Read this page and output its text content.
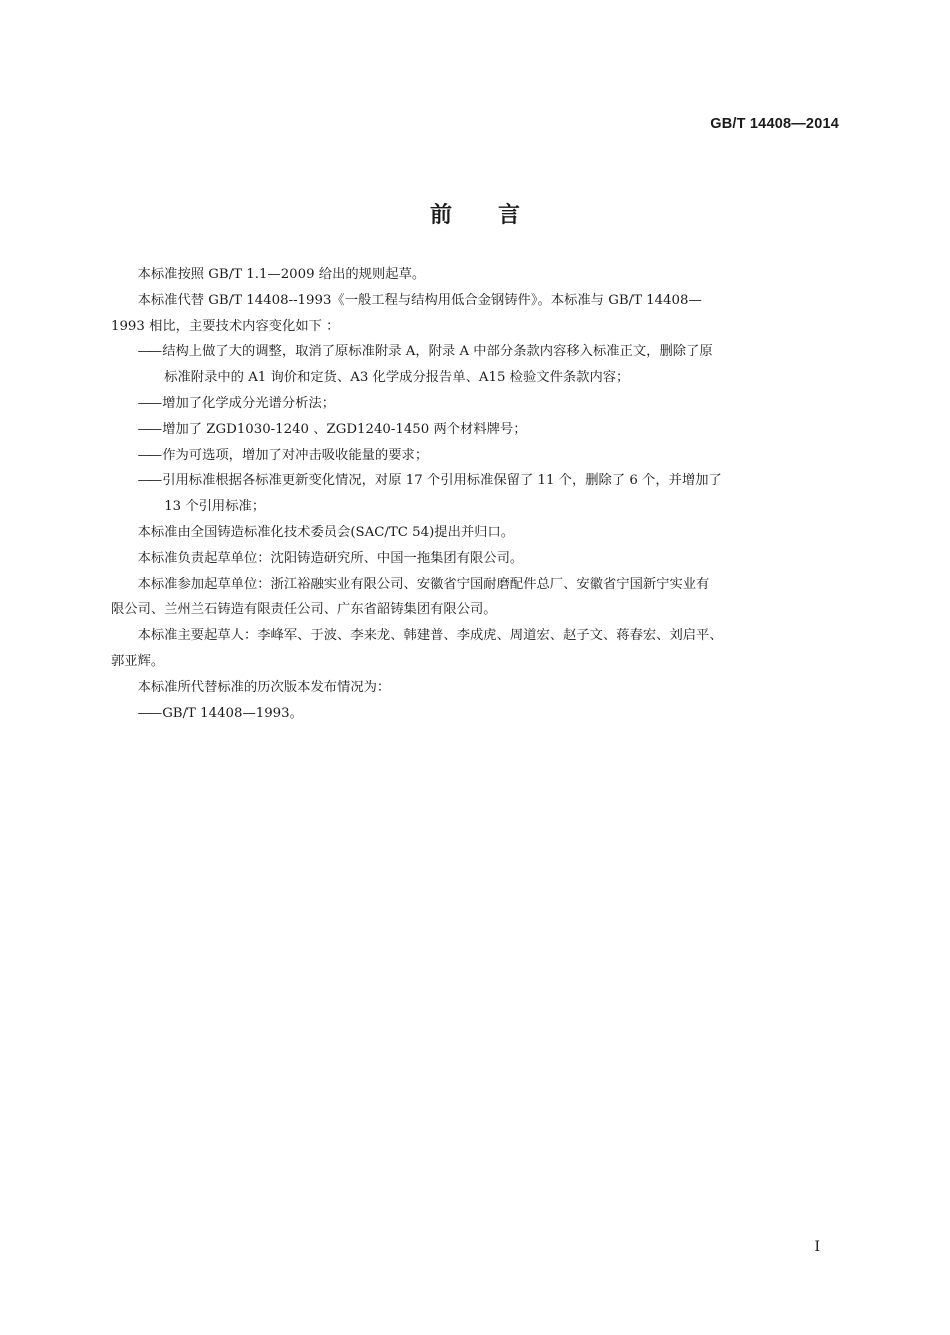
GB/T 14408—2014
前言

本标准按照 GB/T 1.1—2009 给出的规则起草。

本标准代替 GB/T 14408--1993《一般工程与结构用低合金钢铸件》。本标准与 GB/T 14408—

1993 相比，主要技术内容变化如下 ：

—— 结构上做了大的调整，取消了原标准附录 A，附录 A 中部分条款内容移入标准正文，删除了原
标准附录中的 A1 询价和定货、A3 化学成分报告单、A15 检验文件条款内容；

—— 增加了化学成分光谱分析法；

—— 增加了 ZGD1030-1240 、ZGD1240-1450 两个材料牌号；

—— 作为可选项，增加了对冲击吸收能量的要求；

—— 引用标准根据各标准更新变化情况，对原 17 个引用标准保留了 11 个，删除了 6 个，并增加了
13 个引用标准；

本标准由全国铸造标准化技术委员会(SAC/TC 54)提出并归口。

本标准负责起草单位：沈阳铸造研究所、中国一拖集团有限公司。

本标准参加起草单位：浙江裕融实业有限公司、安徽省宁国耐磨配件总厂、安徽省宁国新宁实业有

限公司、兰州兰石铸造有限责任公司、广东省韶铸集团有限公司。

本标准主要起草人：李峰军、于波、李来龙、韩建普、李成虎、周道宏、赵子文、蒋春宏、刘启平、

郭亚辉。

本标准所代替标准的历次版本发布情况为：

—— GB/T 14408—1993。

I
